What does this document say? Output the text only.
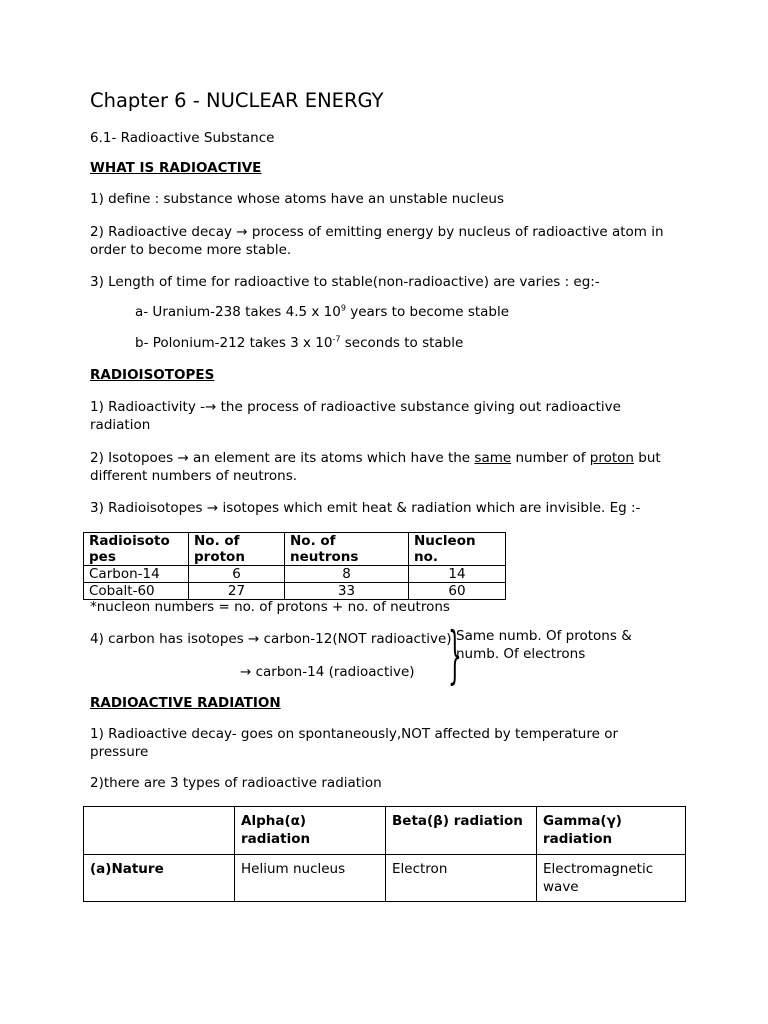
Chapter 6 - NUCLEAR ENERGY
6.1- Radioactive Substance
WHAT IS RADIOACTIVE
1) define : substance whose atoms have an unstable nucleus
2) Radioactive decay → process of emitting energy by nucleus of radioactive atom in order to become more stable.
3) Length of time for radioactive to stable(non-radioactive) are varies : eg:-
a- Uranium-238 takes 4.5 x $10^9$ years to become stable
b- Polonium-212 takes 3 x $10^{-7}$ seconds to stable
RADIOISOTOPES
1) Radioactivity -→ the process of radioactive substance giving out radioactive radiation
2) Isotopoes → an element are its atoms which have the same number of proton but different numbers of neutrons.
3) Radioisotopes → isotopes which emit heat & radiation which are invisible. Eg :-
Radioisoto pes	No. of proton	No. of neutrons	Nucleon no.
Carbon-14	6	8	14
Cobalt-60	27	33	60
*nucleon numbers = no. of protons + no. of neutrons
4) carbon has isotopes → carbon-12(NOT radioactive)
→ carbon-14 (radioactive) }
Same numb. Of protons & numb. Of electrons
RADIOACTIVE RADIATION
1) Radioactive decay- goes on spontaneously,NOT affected by temperature or pressure
2)there are 3 types of radioactive radiation
	Alpha(α) radiation	Beta(β) radiation	Gamma(γ) radiation
(a)Nature	Helium nucleus	Electron	Electromagnetic wave
